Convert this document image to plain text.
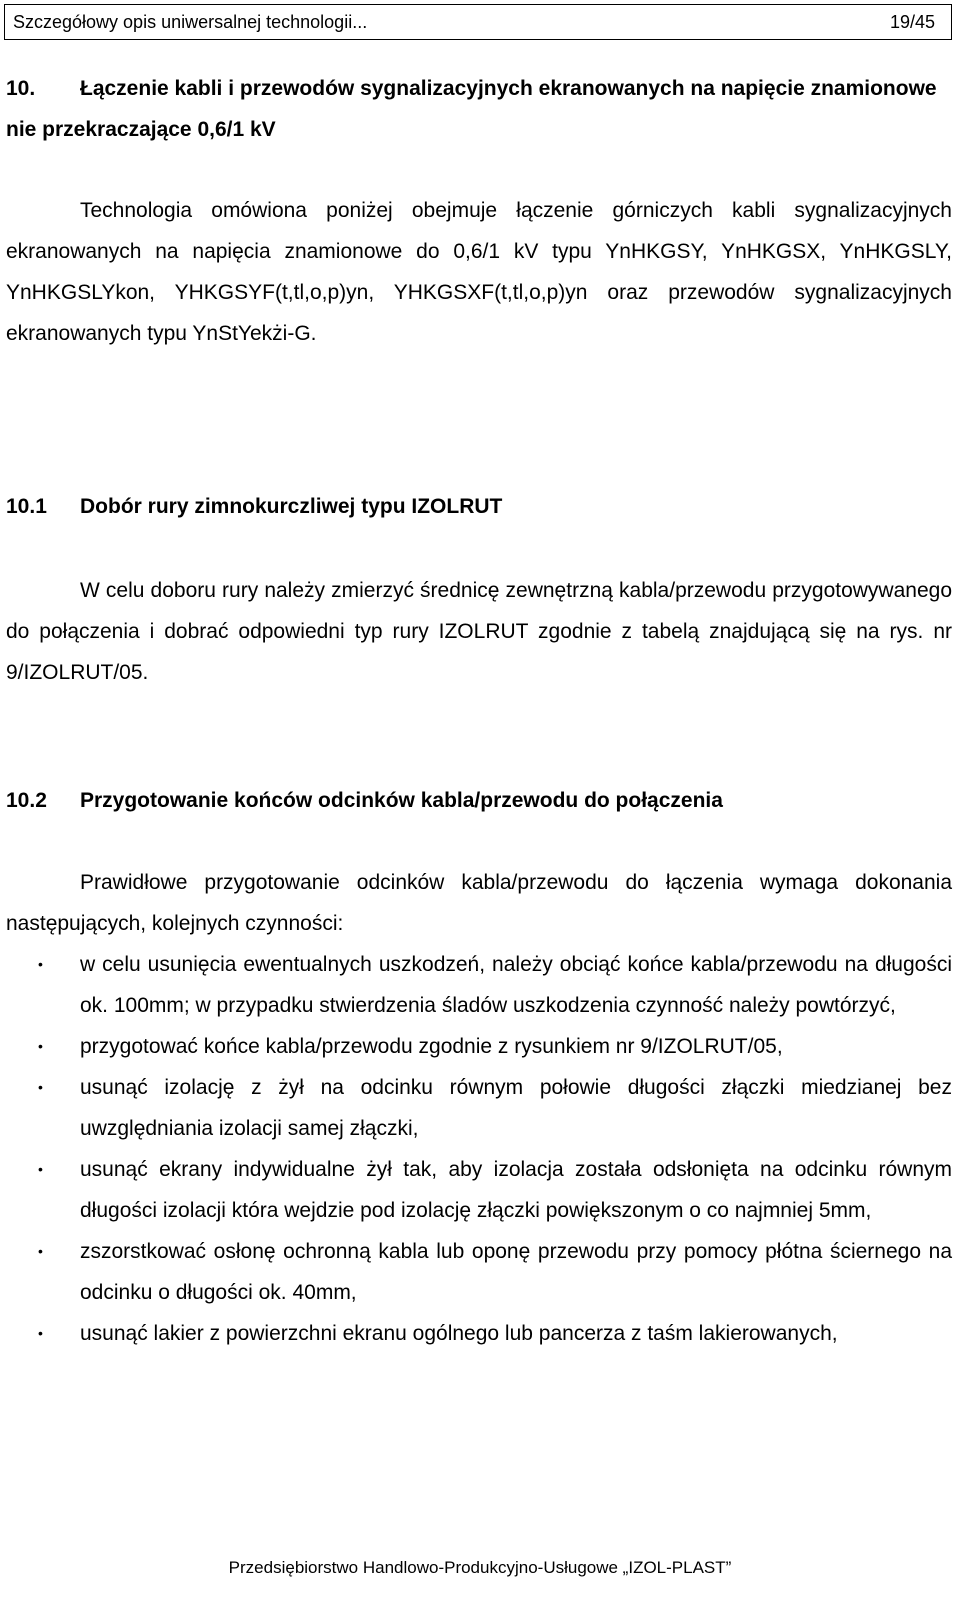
Szczegółowy opis uniwersalnej technologii...	19/45
10. Łączenie kabli i przewodów sygnalizacyjnych ekranowanych na napięcie znamionowe nie przekraczające 0,6/1 kV
Technologia omówiona poniżej obejmuje łączenie górniczych kabli sygnalizacyjnych ekranowanych na napięcia znamionowe do 0,6/1 kV typu YnHKGSY, YnHKGSX, YnHKGSLY, YnHKGSLYkon, YHKGSYF(t,tl,o,p)yn, YHKGSXF(t,tl,o,p)yn oraz przewodów sygnalizacyjnych ekranowanych typu YnStYekżi-G.
10.1 Dobór rury zimnokurczliwej typu IZOLRUT
W celu doboru rury należy zmierzyć średnicę zewnętrzną kabla/przewodu przygotowywanego do połączenia i dobrać odpowiedni typ rury IZOLRUT zgodnie z tabelą znajdującą się na rys. nr 9/IZOLRUT/05.
10.2 Przygotowanie końców odcinków kabla/przewodu do połączenia
Prawidłowe przygotowanie odcinków kabla/przewodu do łączenia wymaga dokonania następujących, kolejnych czynności:
• w celu usunięcia ewentualnych uszkodzeń, należy obciąć końce kabla/przewodu na długości ok. 100mm; w przypadku stwierdzenia śladów uszkodzenia czynność należy powtórzyć,
• przygotować końce kabla/przewodu zgodnie z rysunkiem nr 9/IZOLRUT/05,
• usunąć izolację z żył na odcinku równym połowie długości złączki miedzianej bez uwzględniania izolacji samej złączki,
• usunąć ekrany indywidualne żył tak, aby izolacja została odsłonięta na odcinku równym długości izolacji która wejdzie pod izolację złączki powiększonym o co najmniej 5mm,
• zszorstkować osłonę ochronną kabla lub oponę przewodu przy pomocy płótna ściernego na odcinku o długości ok. 40mm,
• usunąć lakier z powierzchni ekranu ogólnego lub pancerza z taśm lakierowanych,
Przedsiębiorstwo Handlowo-Produkcyjno-Usługowe „IZOL-PLAST”
